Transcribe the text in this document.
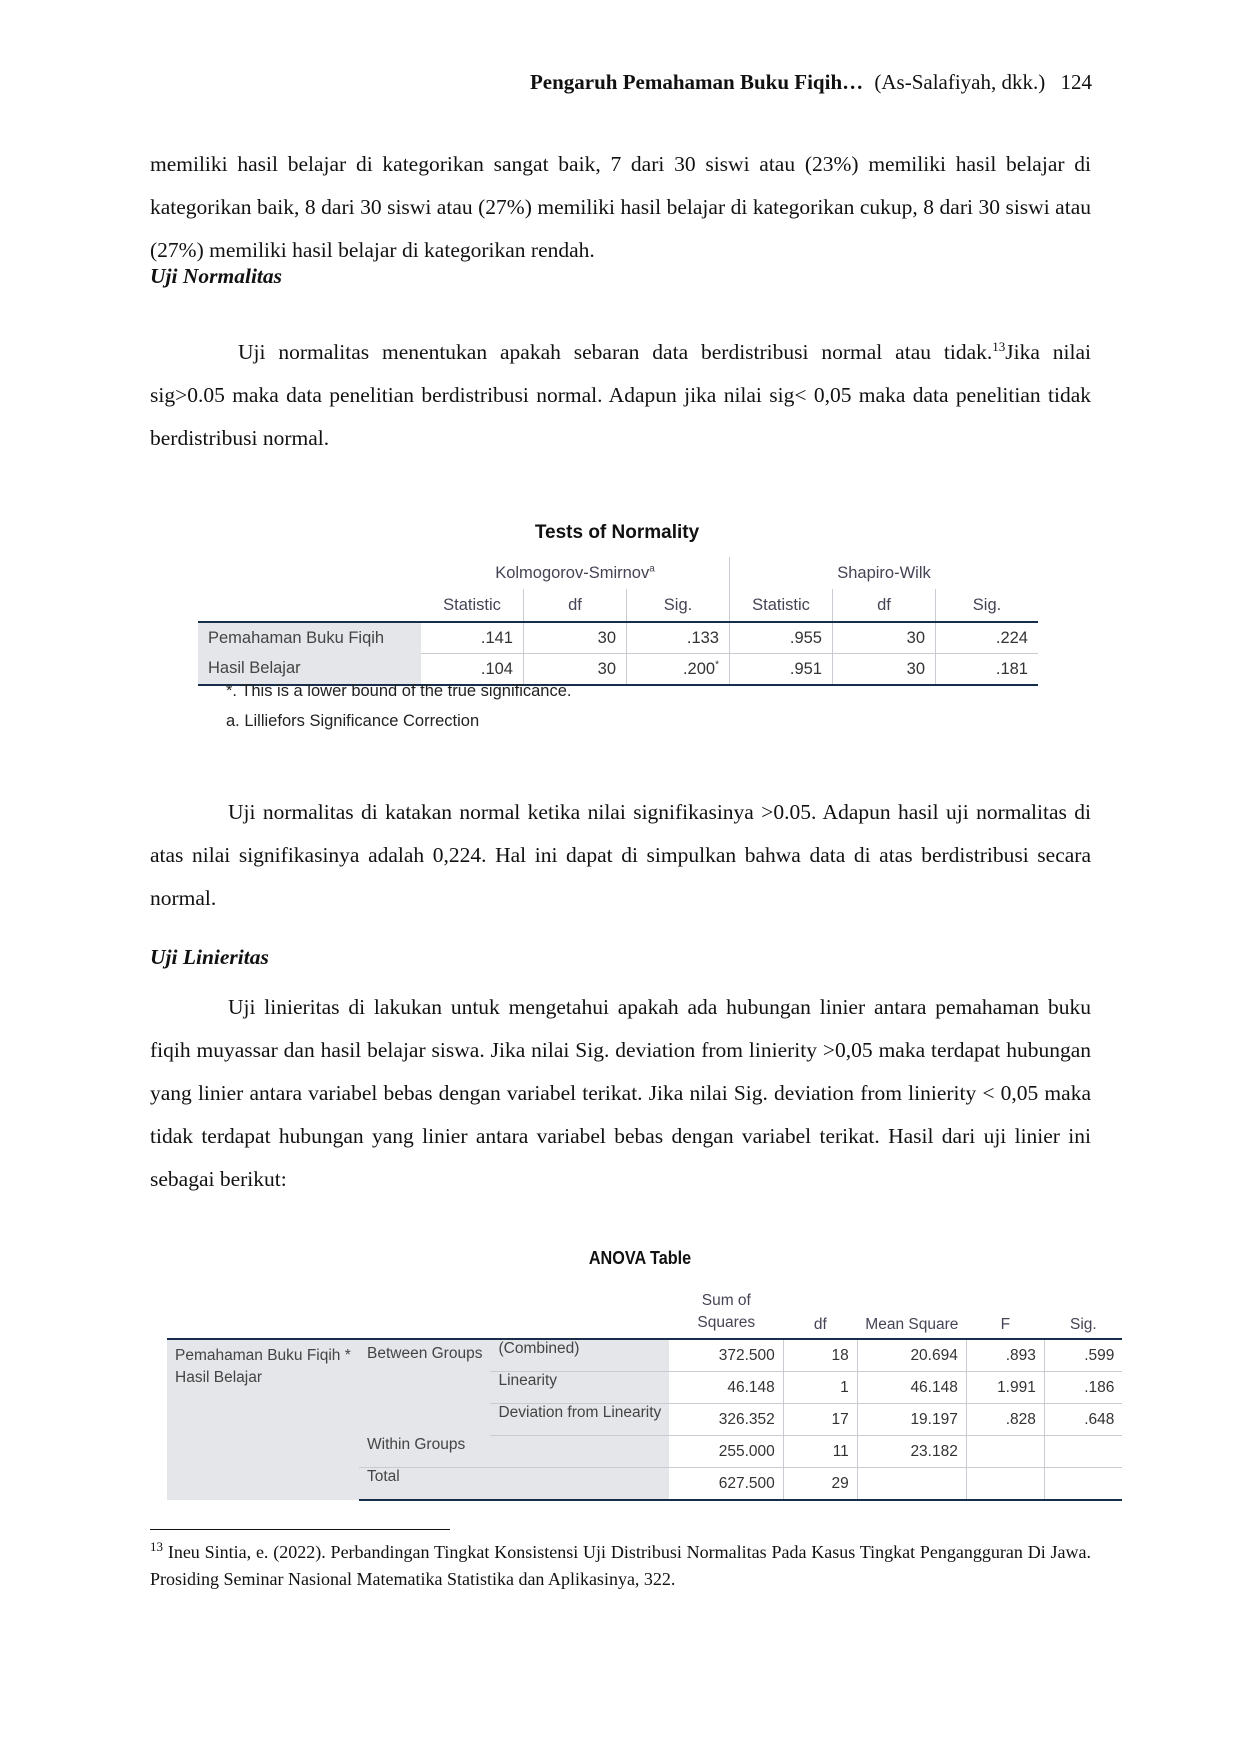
Pengaruh Pemahaman Buku Fiqih… (As-Salafiyah, dkk.) 124

memiliki hasil belajar di kategorikan sangat baik, 7 dari 30 siswi atau (23%) memiliki hasil belajar di kategorikan baik, 8 dari 30 siswi atau (27%) memiliki hasil belajar di kategorikan cukup, 8 dari 30 siswi atau (27%) memiliki hasil belajar di kategorikan rendah.

Uji Normalitas

Uji normalitas menentukan apakah sebaran data berdistribusi normal atau tidak.$^{13}$Jika nilai sig>0.05 maka data penelitian berdistribusi normal. Adapun jika nilai sig< 0,05 maka data penelitian tidak berdistribusi normal.

Tests of Normality
	Kolmogorov-Smirnov$^a$			Shapiro-Wilk		
	Statistic	df	Sig.	Statistic	df	Sig.
Pemahaman Buku Fiqih	.141	30	.133	.955	30	.224
Hasil Belajar	.104	30	.200*	.951	30	.181
*. This is a lower bound of the true significance.
a. Lilliefors Significance Correction

Uji normalitas di katakan normal ketika nilai signifikasinya >0.05. Adapun hasil uji normalitas di atas nilai signifikasinya adalah 0,224. Hal ini dapat di simpulkan bahwa data di atas berdistribusi secara normal.

Uji Linieritas

Uji linieritas di lakukan untuk mengetahui apakah ada hubungan linier antara pemahaman buku fiqih muyassar dan hasil belajar siswa. Jika nilai Sig. deviation from linierity >0,05 maka terdapat hubungan yang linier antara variabel bebas dengan variabel terikat. Jika nilai Sig. deviation from linierity < 0,05 maka tidak terdapat hubungan yang linier antara variabel bebas dengan variabel terikat. Hasil dari uji linier ini sebagai berikut:

ANOVA Table
			Sum of Squares	df	Mean Square	F	Sig.
Pemahaman Buku Fiqih * Hasil Belajar	Between Groups	(Combined)	372.500	18	20.694	.893	.599
		Linearity	46.148	1	46.148	1.991	.186
		Deviation from Linearity	326.352	17	19.197	.828	.648
	Within Groups		255.000	11	23.182		
	Total		627.500	29			

$^{13}$ Ineu Sintia, e. (2022). Perbandingan Tingkat Konsistensi Uji Distribusi Normalitas Pada Kasus Tingkat Pengangguran Di Jawa. Prosiding Seminar Nasional Matematika Statistika dan Aplikasinya, 322.
